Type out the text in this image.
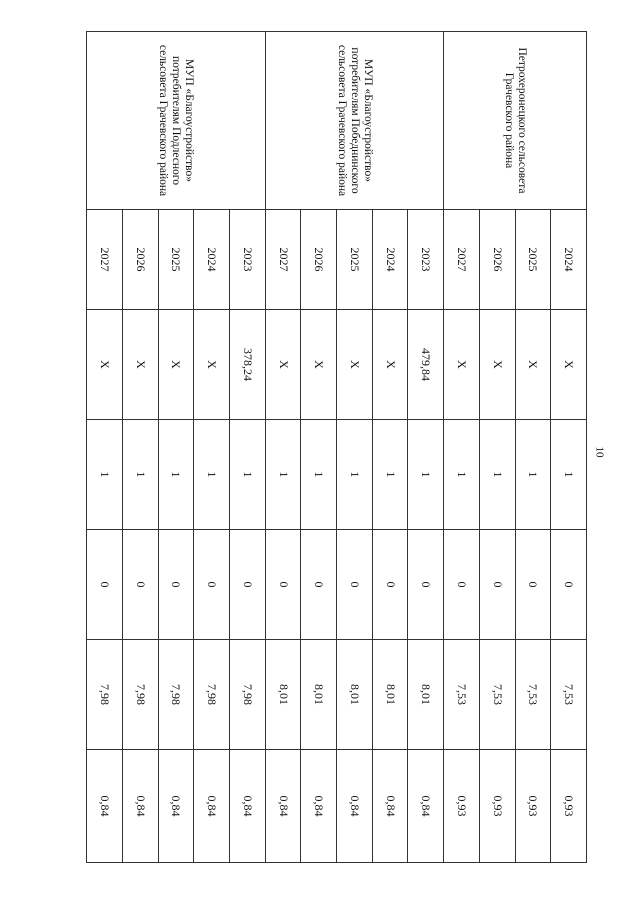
10
Петрохеронецкого сельсовета Грачевского района	2024	X	1	0	7,53	0,93
	2025	X	1	0	7,53	0,93
	2026	X	1	0	7,53	0,93
	2027	X	1	0	7,53	0,93

МУП «Благоустройство» потребителям Победнинского сельсовета Грачевского района	2023	479,84	1	0	8,01	0,84
	2024	X	1	0	8,01	0,84
	2025	X	1	0	8,01	0,84
	2026	X	1	0	8,01	0,84
	2027	X	1	0	8,01	0,84

МУП «Благоустройство» потребителям Подлесного сельсовета Грачевского района	2023	378,24	1	0	7,98	0,84
	2024	X	1	0	7,98	0,84
	2025	X	1	0	7,98	0,84
	2026	X	1	0	7,98	0,84
	2027	X	1	0	7,98	0,84
